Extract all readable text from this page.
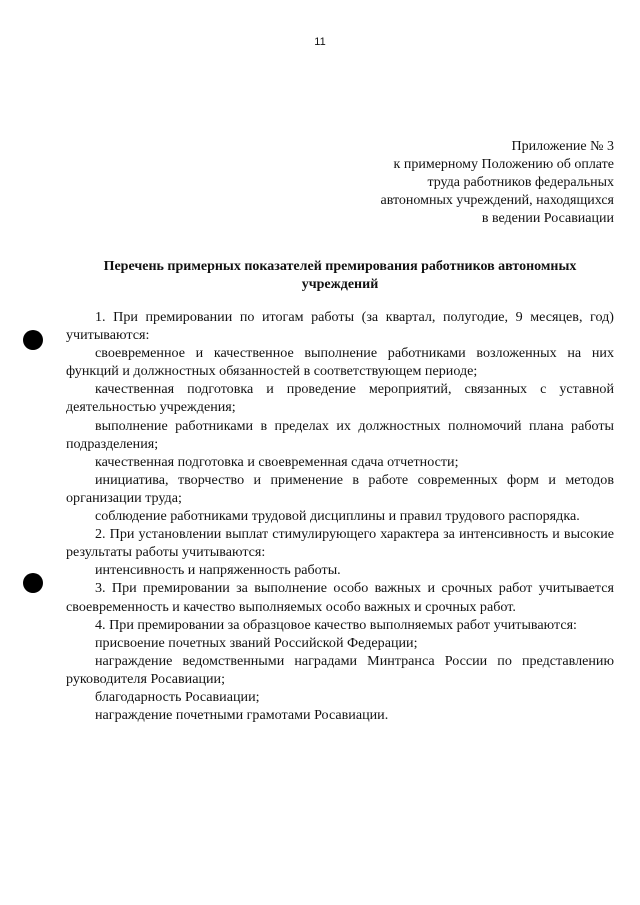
11
Приложение № 3
к примерному Положению об оплате
труда работников федеральных
автономных учреждений, находящихся
в ведении Росавиации
Перечень примерных показателей премирования работников автономных учреждений

1. При премировании по итогам работы (за квартал, полугодие, 9 месяцев, год) учитываются:

своевременное и качественное выполнение работниками возложенных на них функций и должностных обязанностей в соответствующем периоде;

качественная подготовка и проведение мероприятий, связанных с уставной деятельностью учреждения;

выполнение работниками в пределах их должностных полномочий плана работы подразделения;

качественная подготовка и своевременная сдача отчетности;

инициатива, творчество и применение в работе современных форм и методов организации труда;

соблюдение работниками трудовой дисциплины и правил трудового распорядка.

2. При установлении выплат стимулирующего характера за интенсивность и высокие результаты работы учитываются:

интенсивность и напряженность работы.

3. При премировании за выполнение особо важных и срочных работ учитывается своевременность и качество выполняемых особо важных и срочных работ.

4. При премировании за образцовое качество выполняемых работ учитываются:

присвоение почетных званий Российской Федерации;

награждение ведомственными наградами Минтранса России по представлению руководителя Росавиации;

благодарность Росавиации;

награждение почетными грамотами Росавиации.
